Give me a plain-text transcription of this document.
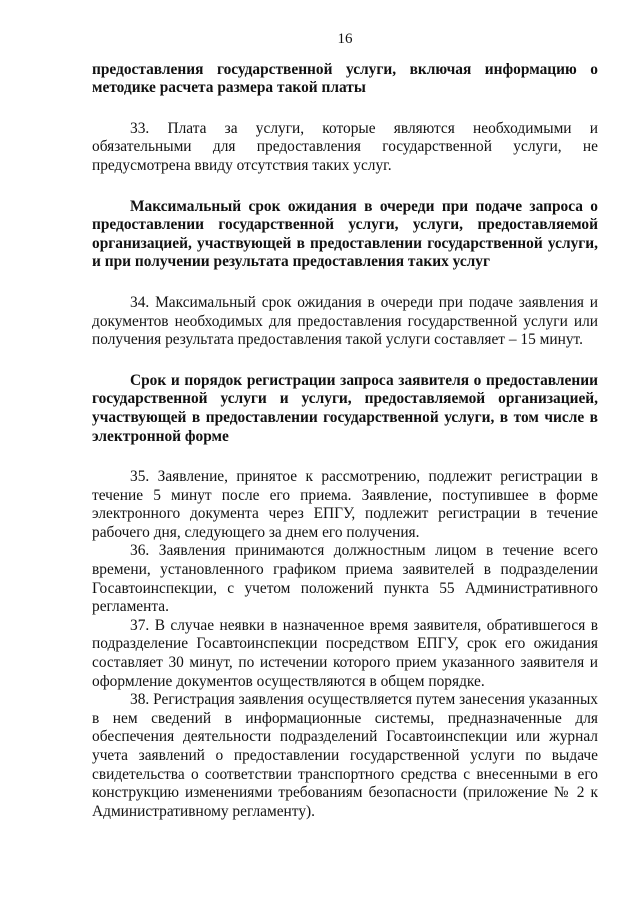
16

предоставления государственной услуги, включая информацию о методике расчета размера такой платы

33. Плата за услуги, которые являются необходимыми и обязательными для предоставления государственной услуги, не предусмотрена ввиду отсутствия таких услуг.

Максимальный срок ожидания в очереди при подаче запроса о предоставлении государственной услуги, услуги, предоставляемой организацией, участвующей в предоставлении государственной услуги, и при получении результата предоставления таких услуг

34. Максимальный срок ожидания в очереди при подаче заявления и документов необходимых для предоставления государственной услуги или получения результата предоставления такой услуги составляет – 15 минут.

Срок и порядок регистрации запроса заявителя о предоставлении государственной услуги и услуги, предоставляемой организацией, участвующей в предоставлении государственной услуги, в том числе в электронной форме

35. Заявление, принятое к рассмотрению, подлежит регистрации в течение 5 минут после его приема. Заявление, поступившее в форме электронного документа через ЕПГУ, подлежит регистрации в течение рабочего дня, следующего за днем его получения.

36. Заявления принимаются должностным лицом в течение всего времени, установленного графиком приема заявителей в подразделении Госавтоинспекции, с учетом положений пункта 55 Административного регламента.

37. В случае неявки в назначенное время заявителя, обратившегося в подразделение Госавтоинспекции посредством ЕПГУ, срок его ожидания составляет 30 минут, по истечении которого прием указанного заявителя и оформление документов осуществляются в общем порядке.

38. Регистрация заявления осуществляется путем занесения указанных в нем сведений в информационные системы, предназначенные для обеспечения деятельности подразделений Госавтоинспекции или журнал учета заявлений о предоставлении государственной услуги по выдаче свидетельства о соответствии транспортного средства с внесенными в его конструкцию изменениями требованиям безопасности (приложение № 2 к Административному регламенту).
